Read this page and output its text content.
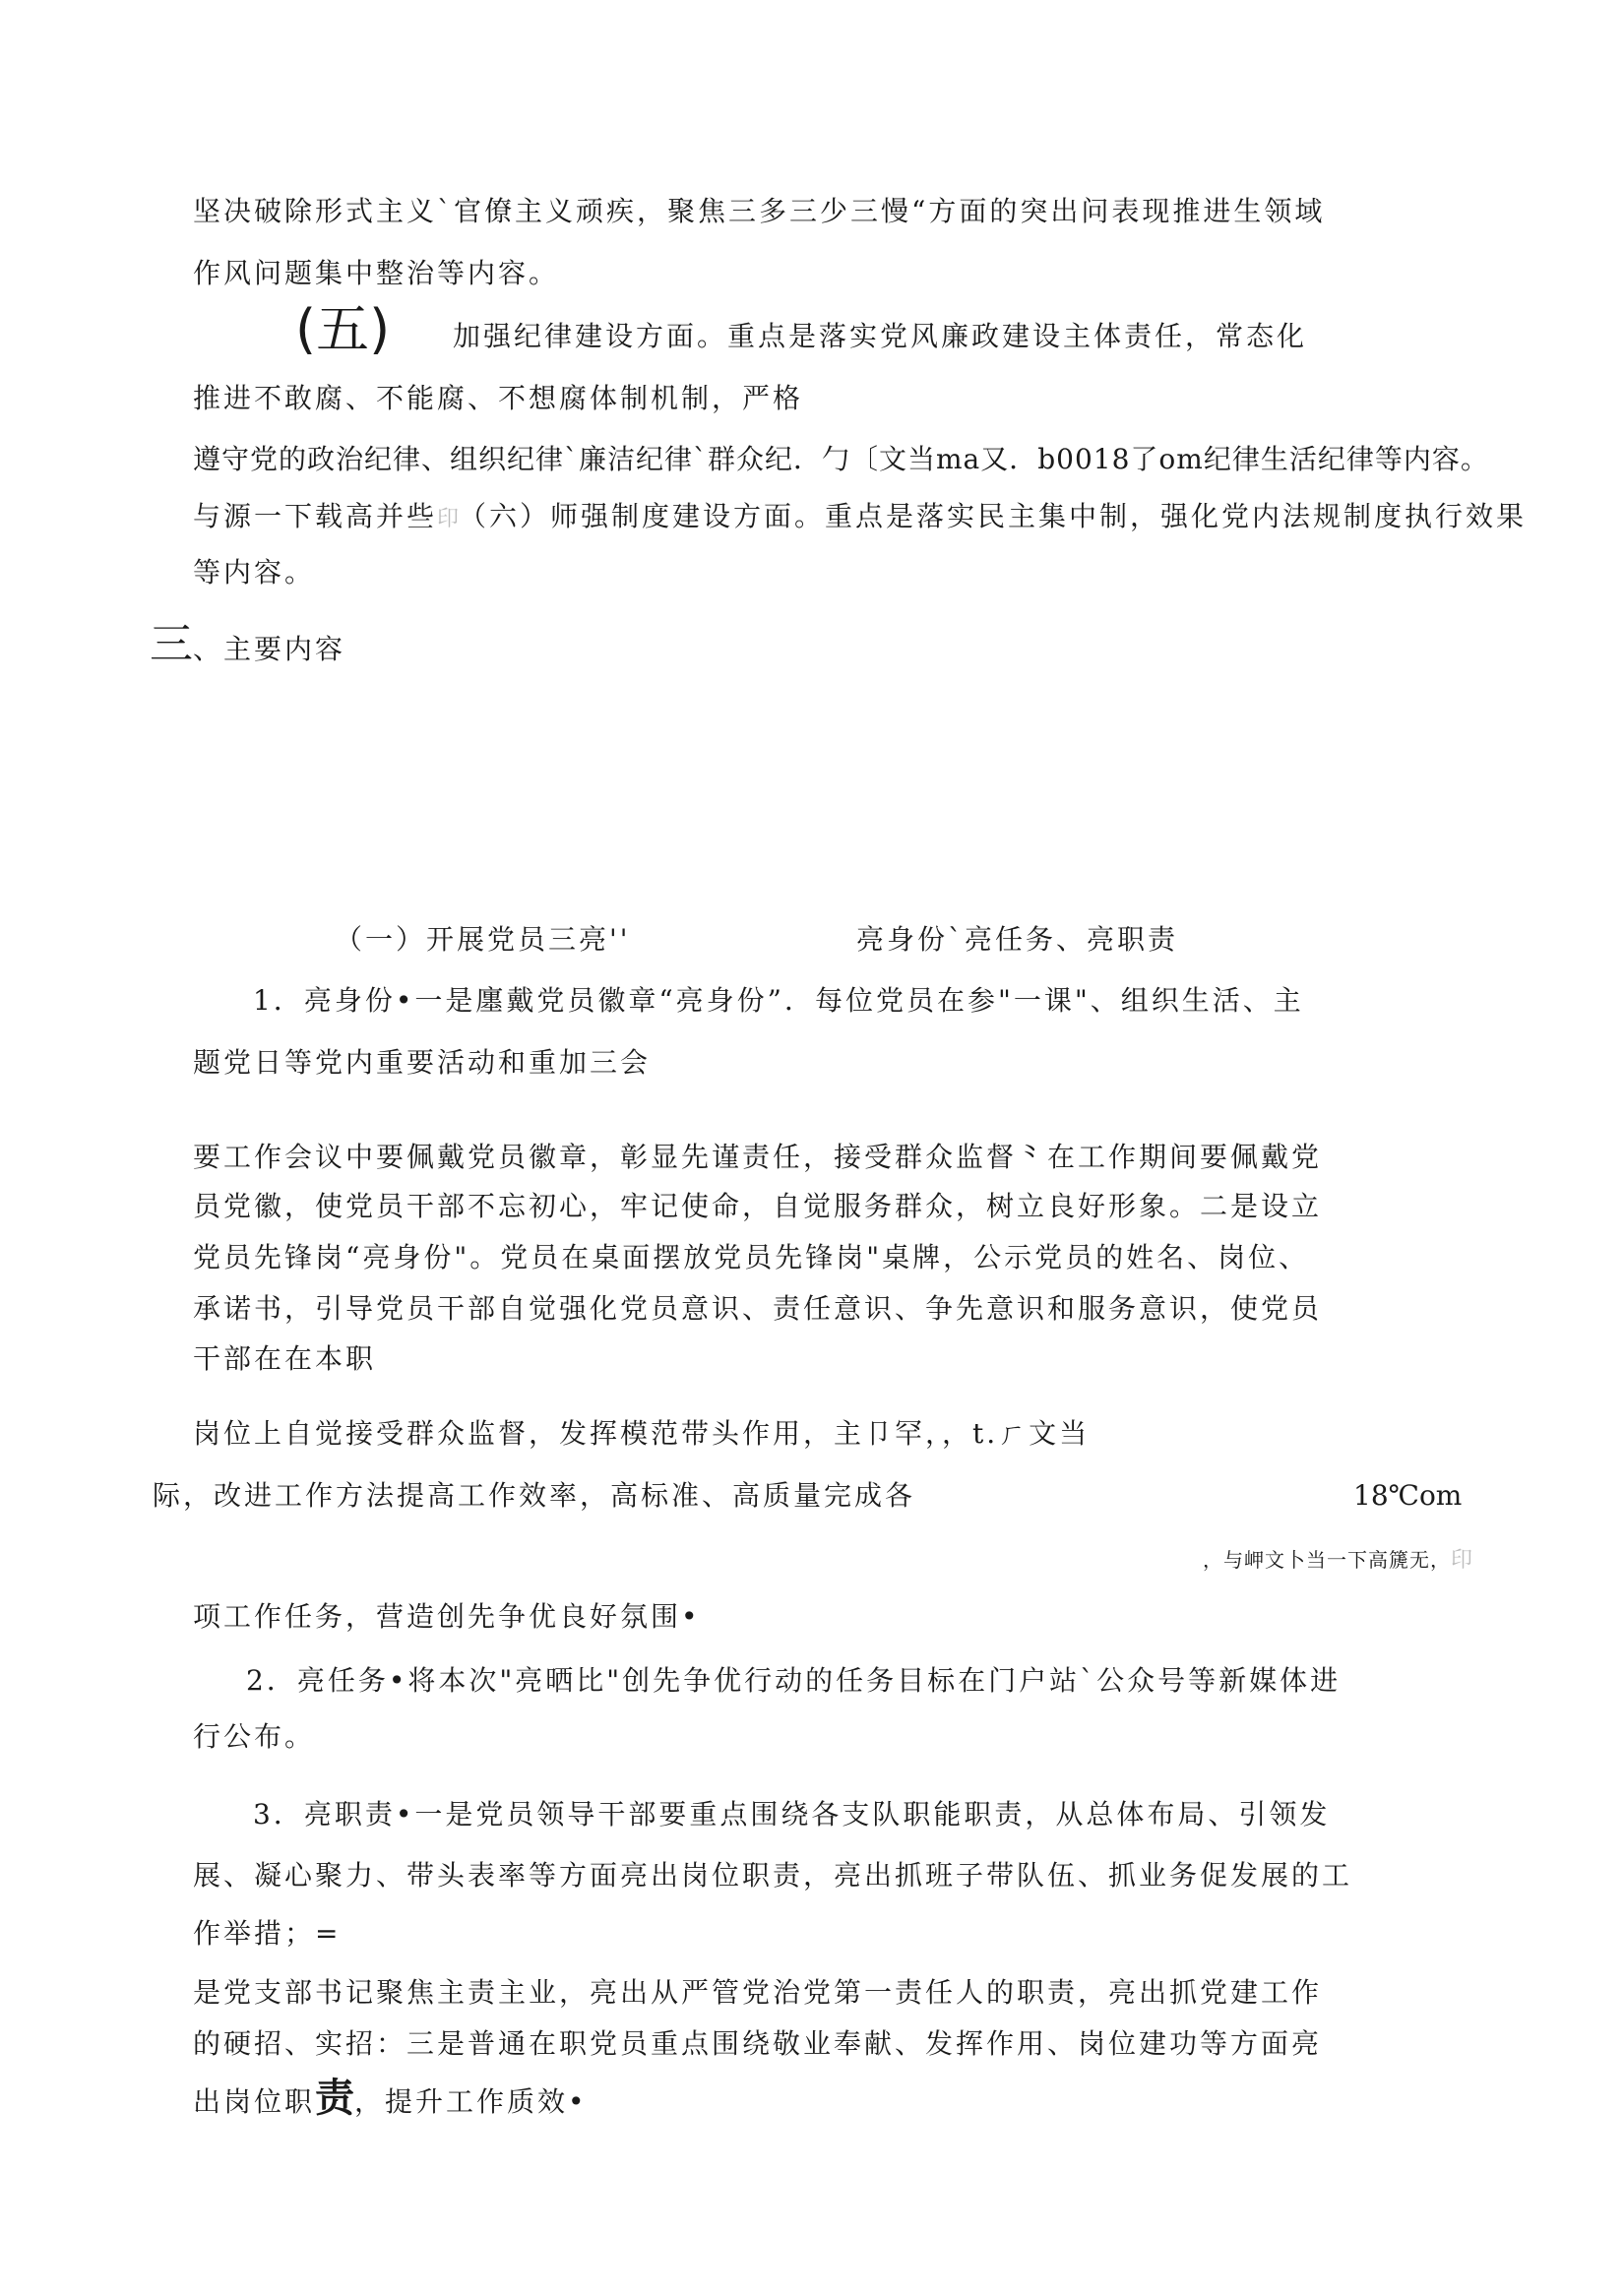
坚决破除形式主义`官僚主义顽疾，聚焦三多三少三慢“方面的突出问表现推进生领域
作风问题集中整治等内容。
(五) 加强纪律建设方面。重点是落实党风廉政建设主体责任，常态化
推进不敢腐、不能腐、不想腐体制机制，严格
遵守党的政治纪律、组织纪律`廉洁纪律`群众纪．勹〔文当ma又．b0018了om纪律生活纪律等内容。
与源一下载高并些印（六）师强制度建设方面。重点是落实民主集中制，强化党内法规制度执行效果
等内容。
三、主要内容
（一）开展党员三亮''	亮身份`亮任务、亮职责
1．亮身份•一是廛戴党员徽章“亮身份”．每位党员在参"一课"、组织生活、主
题党日等党内重要活动和重加三会
要工作会议中要佩戴党员徽章，彰显先谨责任，接受群众监督⺀在工作期间要佩戴党
员党徽，使党员干部不忘初心，牢记使命，自觉服务群众，树立良好形象。二是设立
党员先锋岗“亮身份"。党员在桌面摆放党员先锋岗"桌牌，公示党员的姓名、岗位、
承诺书，引导党员干部自觉强化党员意识、责任意识、争先意识和服务意识，使党员
干部在在本职
岗位上自觉接受群众监督，发挥模范带头作用，主卩罕，，t.ㄏ文当
际，改进工作方法提高工作效率，高标准、高质量完成各	18℃om
，与岬文卜当一下高篪无，印
项工作任务，营造创先争优良好氛围•
2．亮任务•将本次"亮晒比"创先争优行动的任务目标在门户站`公众号等新媒体进
行公布。
3．亮职责•一是党员领导干部要重点围绕各支队职能职责，从总体布局、引领发
展、凝心聚力、带头表率等方面亮出岗位职责，亮出抓班子带队伍、抓业务促发展的工
作举措；=
是党支部书记聚焦主责主业，亮出从严管党治党第一责任人的职责，亮出抓党建工作
的硬招、实招：三是普通在职党员重点围绕敬业奉献、发挥作用、岗位建功等方面亮
出岗位职责，提升工作质效•
